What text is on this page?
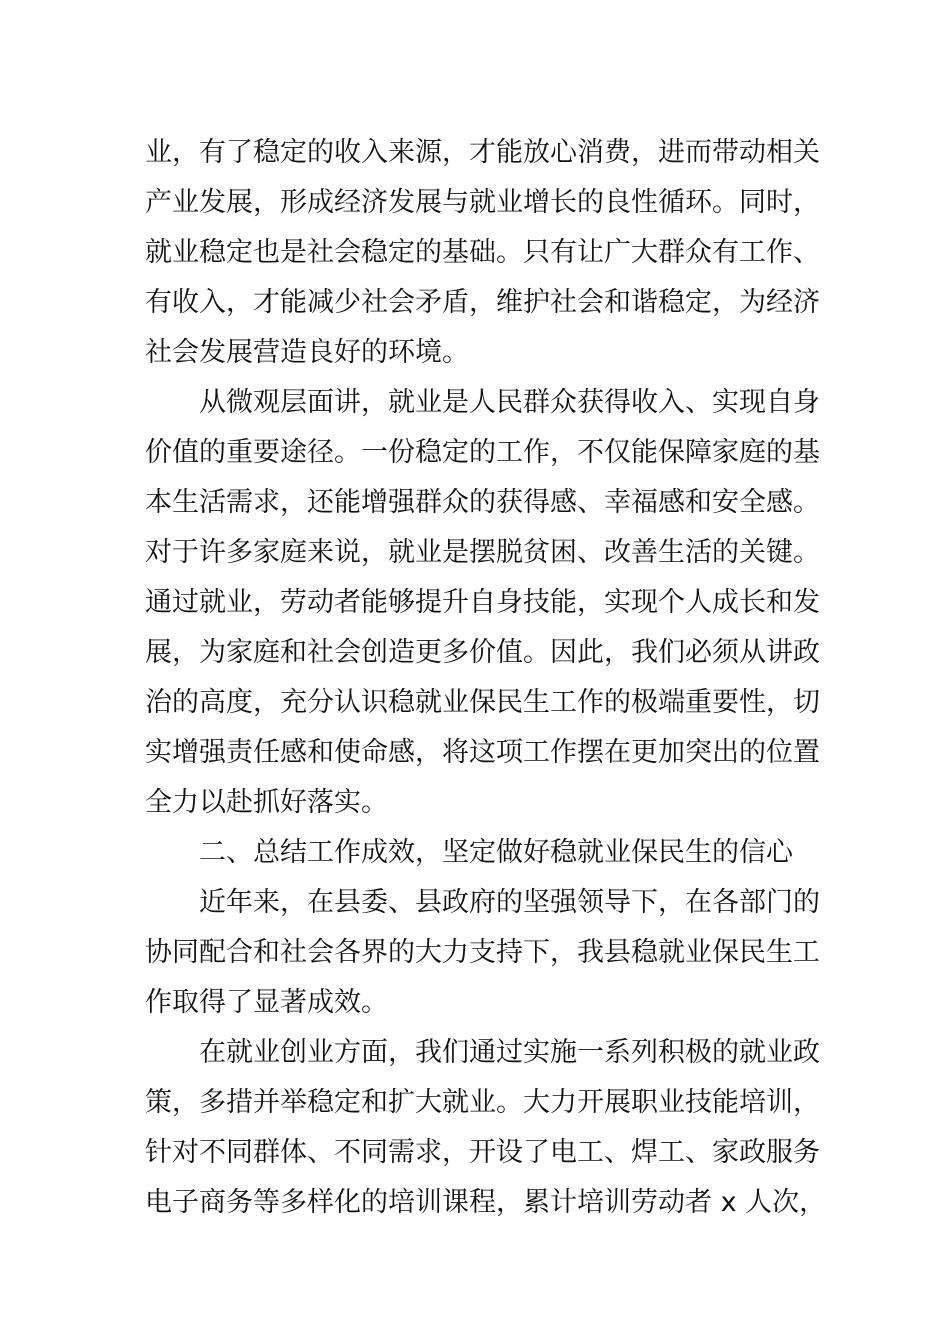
业，有了稳定的收入来源，才能放心消费，进而带动相关
产业发展，形成经济发展与就业增长的良性循环。同时，
就业稳定也是社会稳定的基础。只有让广大群众有工作、
有收入，才能减少社会矛盾，维护社会和谐稳定，为经济
社会发展营造良好的环境。
从微观层面讲，就业是人民群众获得收入、实现自身
价值的重要途径。一份稳定的工作，不仅能保障家庭的基
本生活需求，还能增强群众的获得感、幸福感和安全感。
对于许多家庭来说，就业是摆脱贫困、改善生活的关键。
通过就业，劳动者能够提升自身技能，实现个人成长和发
展，为家庭和社会创造更多价值。因此，我们必须从讲政
治的高度，充分认识稳就业保民生工作的极端重要性，切
实增强责任感和使命感，将这项工作摆在更加突出的位置
全力以赴抓好落实。
二、总结工作成效，坚定做好稳就业保民生的信心
近年来，在县委、县政府的坚强领导下，在各部门的
协同配合和社会各界的大力支持下，我县稳就业保民生工
作取得了显著成效。
在就业创业方面，我们通过实施一系列积极的就业政
策，多措并举稳定和扩大就业。大力开展职业技能培训，
针对不同群体、不同需求，开设了电工、焊工、家政服务
电子商务等多样化的培训课程，累计培训劳动者 x 人次，
